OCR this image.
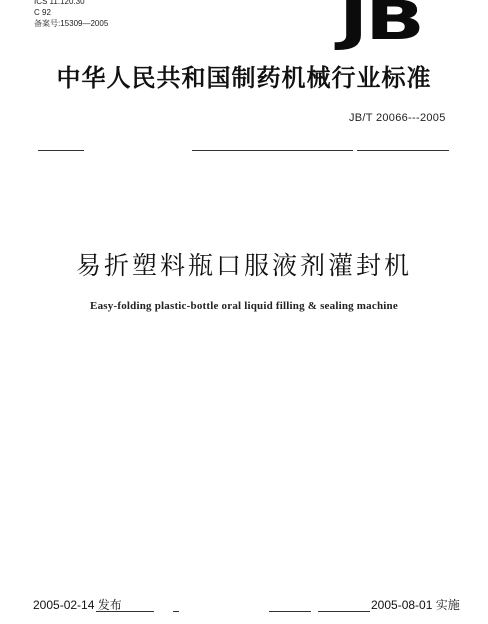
ICS 11.120.30
C 92
备案号:15309—2005	JB
中华人民共和国制药机械行业标准
JB/T 20066---2005
易折塑料瓶口服液剂灌封机
Easy-folding plastic-bottle oral liquid filling & sealing machine
2005-02-14 发布	2005-08-01 实施
